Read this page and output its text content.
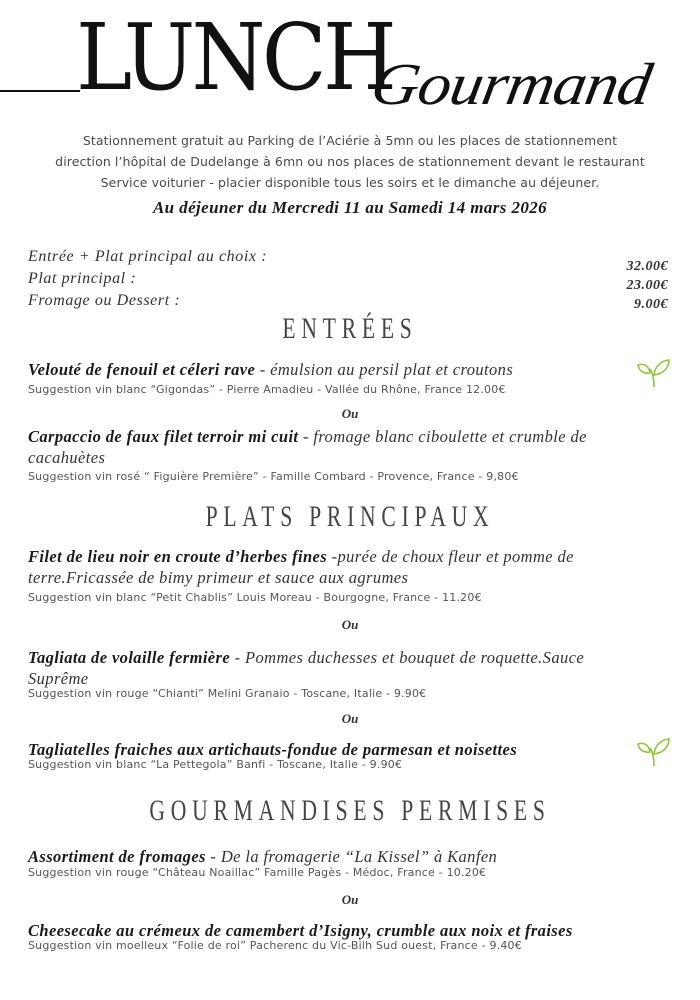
LUNCH
Gourmand
Stationnement gratuit au Parking de l’Aciérie à 5mn ou les places de stationnement
direction l’hôpital de Dudelange à 6mn ou nos places de stationnement devant le restaurant
Service voiturier - placier disponible tous les soirs et le dimanche au déjeuner.
Au déjeuner du Mercredi 11 au Samedi 14 mars 2026
Entrée + Plat principal au choix :
Plat principal :
Fromage ou Dessert :
32.00€
23.00€
9.00€
ENTRÉES
Velouté de fenouil et céleri rave - émulsion au persil plat et croutons
Suggestion vin blanc “Gigondas” - Pierre Amadieu - Vallée du Rhône, France 12.00€
Ou
Carpaccio de faux filet terroir mi cuit - fromage blanc ciboulette et crumble de cacahuètes
Suggestion vin rosé “ Figuière Première” - Famille Combard - Provence, France - 9,80€
PLATS PRINCIPAUX
Filet de lieu noir en croute d’herbes fines -purée de choux fleur et pomme de terre.Fricassée de bimy primeur et sauce aux agrumes
Suggestion vin blanc “Petit Chablis” Louis Moreau - Bourgogne, France - 11.20€
Ou
Tagliata de volaille fermière - Pommes duchesses et bouquet de roquette.Sauce Suprême
Suggestion vin rouge “Chianti” Melini Granaio - Toscane, Italie - 9.90€
Ou
Tagliatelles fraiches aux artichauts-fondue de parmesan et noisettes
Suggestion vin blanc “La Pettegola” Banfi - Toscane, Italie - 9.90€
GOURMANDISES PERMISES
Assortiment de fromages - De la fromagerie “La Kissel” à Kanfen
Suggestion vin rouge “Château Noaillac” Famille Pagès - Médoc, France - 10.20€
Ou
Cheesecake au crémeux de camembert d’Isigny, crumble aux noix et fraises
Suggestion vin moelleux “Folie de roi” Pacherenc du Vic-Bilh Sud ouest, France - 9.40€
